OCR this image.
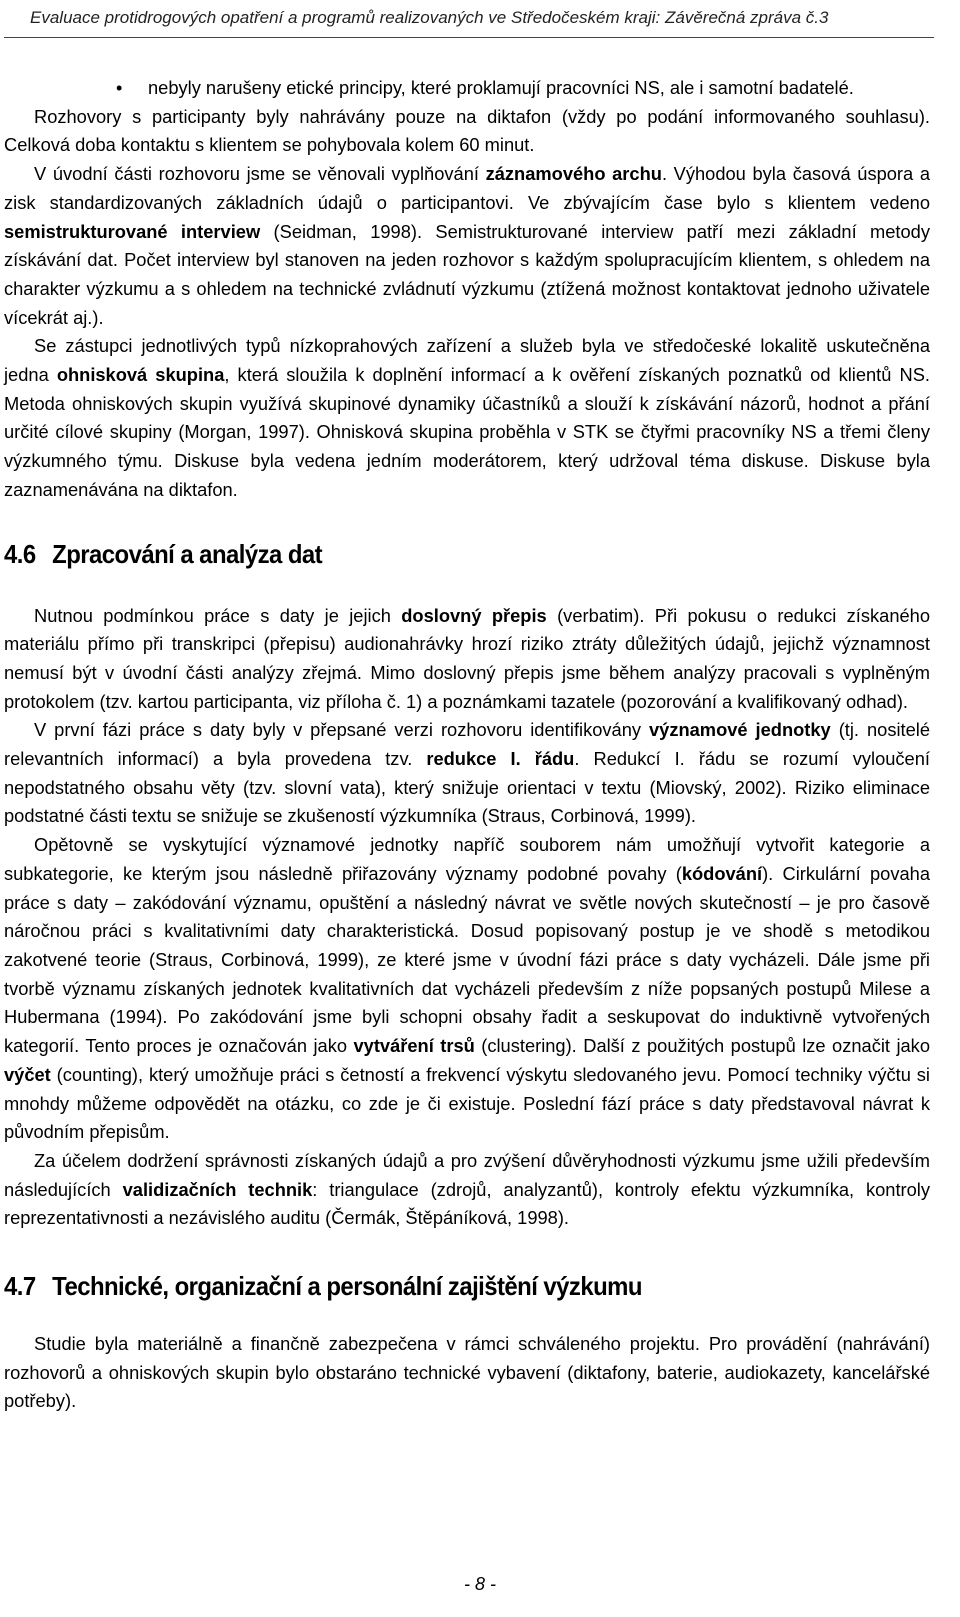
Evaluace protidrogových opatření a programů realizovaných ve Středočeském kraji: Závěrečná zpráva č.3

• nebyly narušeny etické principy, které proklamují pracovníci NS, ale i samotní badatelé.

Rozhovory s participanty byly nahrávány pouze na diktafon (vždy po podání informovaného souhlasu). Celková doba kontaktu s klientem se pohybovala kolem 60 minut.

V úvodní části rozhovoru jsme se věnovali vyplňování záznamového archu. Výhodou byla časová úspora a zisk standardizovaných základních údajů o participantovi. Ve zbývajícím čase bylo s klientem vedeno semistrukturované interview (Seidman, 1998). Semistrukturované interview patří mezi základní metody získávání dat. Počet interview byl stanoven na jeden rozhovor s každým spolupracujícím klientem, s ohledem na charakter výzkumu a s ohledem na technické zvládnutí výzkumu (ztížená možnost kontaktovat jednoho uživatele vícekrát aj.).

Se zástupci jednotlivých typů nízkoprahových zařízení a služeb byla ve středočeské lokalitě uskutečněna jedna ohnisková skupina, která sloužila k doplnění informací a k ověření získaných poznatků od klientů NS. Metoda ohniskových skupin využívá skupinové dynamiky účastníků a slouží k získávání názorů, hodnot a přání určité cílové skupiny (Morgan, 1997). Ohnisková skupina proběhla v STK se čtyřmi pracovníky NS a třemi členy výzkumného týmu. Diskuse byla vedena jedním moderátorem, který udržoval téma diskuse. Diskuse byla zaznamenávána na diktafon.

4.6 Zpracování a analýza dat

Nutnou podmínkou práce s daty je jejich doslovný přepis (verbatim). Při pokusu o redukci získaného materiálu přímo při transkripci (přepisu) audionahrávky hrozí riziko ztráty důležitých údajů, jejichž významnost nemusí být v úvodní části analýzy zřejmá. Mimo doslovný přepis jsme během analýzy pracovali s vyplněným protokolem (tzv. kartou participanta, viz příloha č. 1) a poznámkami tazatele (pozorování a kvalifikovaný odhad).

V první fázi práce s daty byly v přepsané verzi rozhovoru identifikovány významové jednotky (tj. nositelé relevantních informací) a byla provedena tzv. redukce I. řádu. Redukcí I. řádu se rozumí vyloučení nepodstatného obsahu věty (tzv. slovní vata), který snižuje orientaci v textu (Miovský, 2002). Riziko eliminace podstatné části textu se snižuje se zkušeností výzkumníka (Straus, Corbinová, 1999).

Opětovně se vyskytující významové jednotky napříč souborem nám umožňují vytvořit kategorie a subkategorie, ke kterým jsou následně přiřazovány významy podobné povahy (kódování). Cirkulární povaha práce s daty – zakódování významu, opuštění a následný návrat ve světle nových skutečností – je pro časově náročnou práci s kvalitativními daty charakteristická. Dosud popisovaný postup je ve shodě s metodikou zakotvené teorie (Straus, Corbinová, 1999), ze které jsme v úvodní fázi práce s daty vycházeli. Dále jsme při tvorbě významu získaných jednotek kvalitativních dat vycházeli především z níže popsaných postupů Milese a Hubermana (1994). Po zakódování jsme byli schopni obsahy řadit a seskupovat do induktivně vytvořených kategorií. Tento proces je označován jako vytváření trsů (clustering). Další z použitých postupů lze označit jako výčet (counting), který umožňuje práci s četností a frekvencí výskytu sledovaného jevu. Pomocí techniky výčtu si mnohdy můžeme odpovědět na otázku, co zde je či existuje. Poslední fází práce s daty představoval návrat k původním přepisům.

Za účelem dodržení správnosti získaných údajů a pro zvýšení důvěryhodnosti výzkumu jsme užili především následujících validizačních technik: triangulace (zdrojů, analyzantů), kontroly efektu výzkumníka, kontroly reprezentativnosti a nezávislého auditu (Čermák, Štěpáníková, 1998).

4.7 Technické, organizační a personální zajištění výzkumu

Studie byla materiálně a finančně zabezpečena v rámci schváleného projektu. Pro provádění (nahrávání) rozhovorů a ohniskových skupin bylo obstaráno technické vybavení (diktafony, baterie, audiokazety, kancelářské potřeby).

- 8 -
